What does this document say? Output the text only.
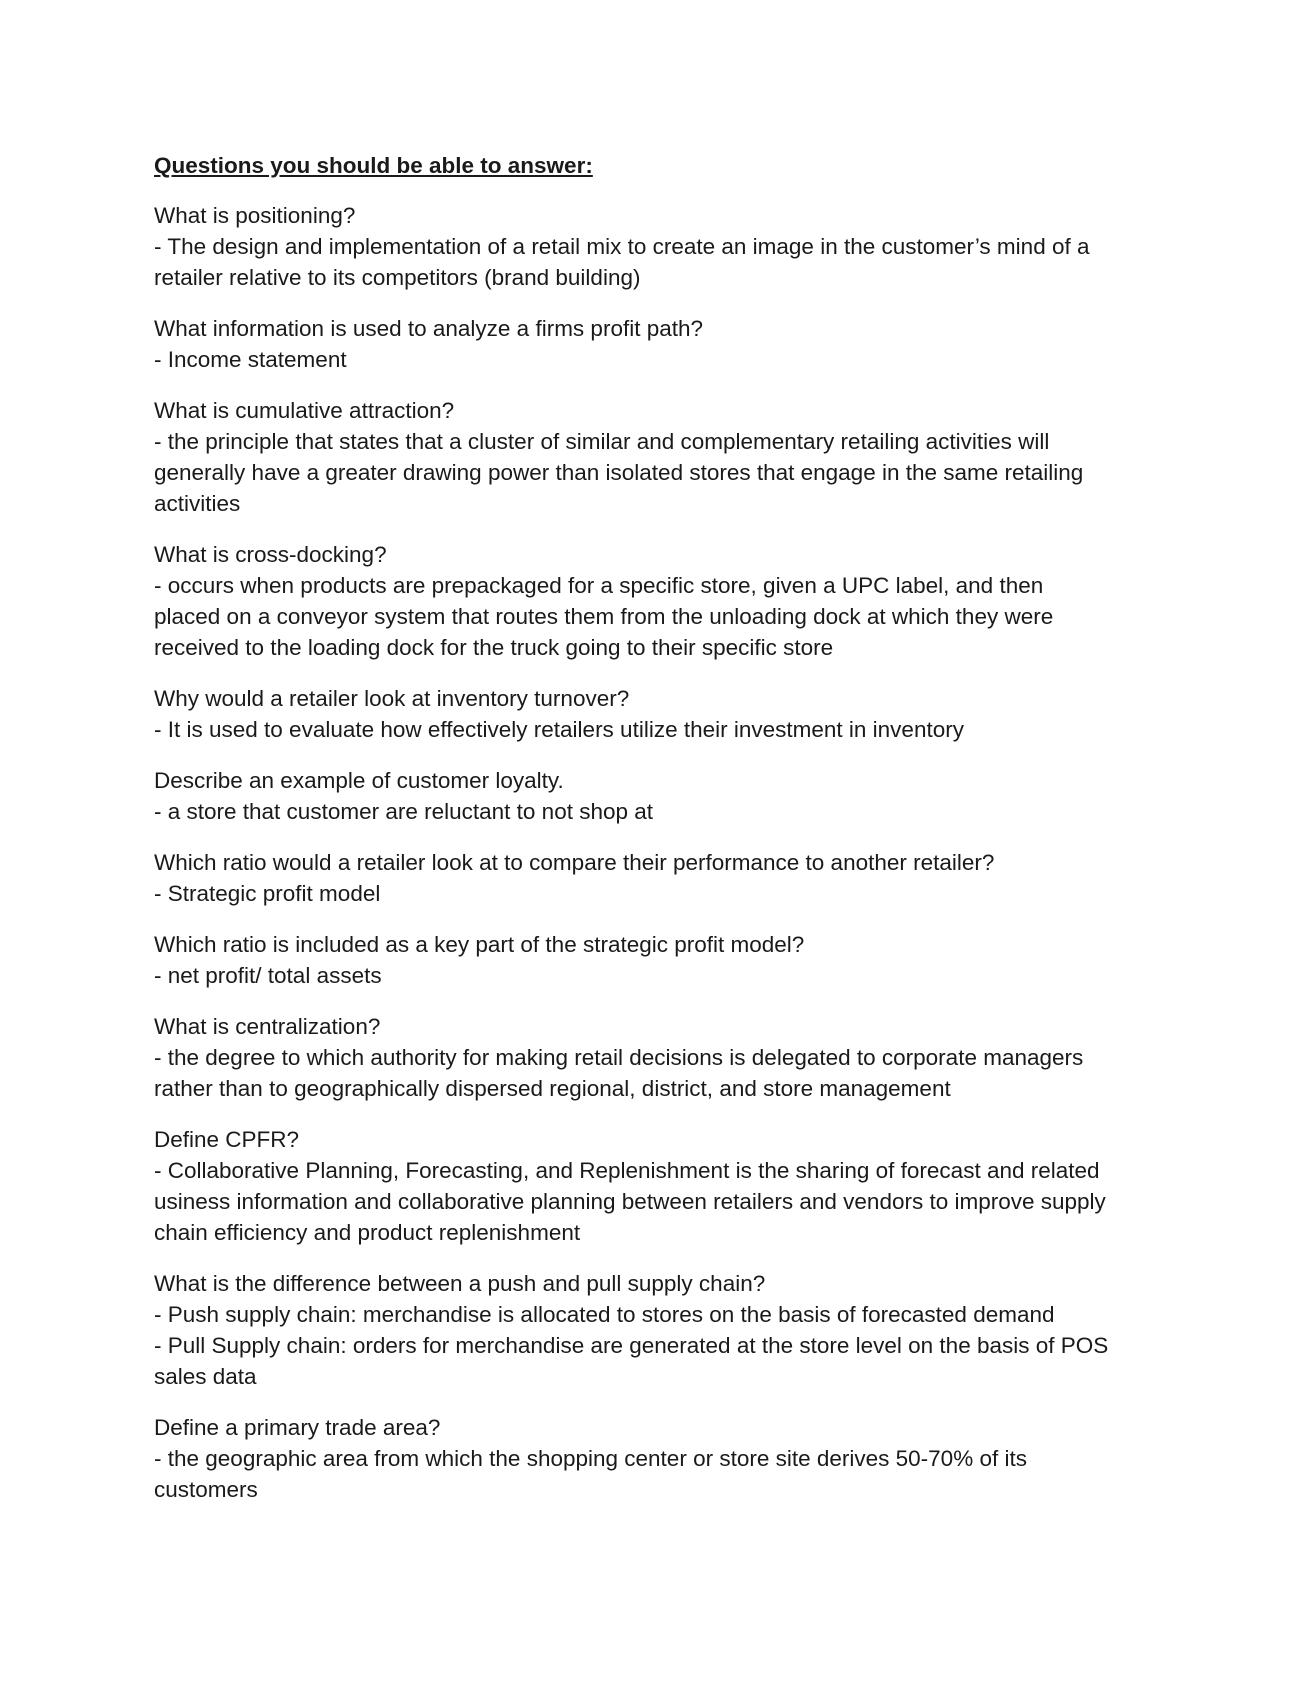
Questions you should be able to answer:
What is positioning?
- The design and implementation of a retail mix to create an image in the customer’s mind of a
retailer relative to its competitors (brand building)
What information is used to analyze a firms profit path?
- Income statement
What is cumulative attraction?
- the principle that states that a cluster of similar and complementary retailing activities will
generally have a greater drawing power than isolated stores that engage in the same retailing
activities
What is cross-docking?
- occurs when products are prepackaged for a specific store, given a UPC label, and then
placed on a conveyor system that routes them from the unloading dock at which they were
received to the loading dock for the truck going to their specific store
Why would a retailer look at inventory turnover?
- It is used to evaluate how effectively retailers utilize their investment in inventory
Describe an example of customer loyalty.
- a store that customer are reluctant to not shop at
Which ratio would a retailer look at to compare their performance to another retailer?
- Strategic profit model
Which ratio is included as a key part of the strategic profit model?
- net profit/ total assets
What is centralization?
- the degree to which authority for making retail decisions is delegated to corporate managers
rather than to geographically dispersed regional, district, and store management
Define CPFR?
- Collaborative Planning, Forecasting, and Replenishment is the sharing of forecast and related
usiness information and collaborative planning between retailers and vendors to improve supply
chain efficiency and product replenishment
What is the difference between a push and pull supply chain?
- Push supply chain: merchandise is allocated to stores on the basis of forecasted demand
- Pull Supply chain: orders for merchandise are generated at the store level on the basis of POS
sales data
Define a primary trade area?
- the geographic area from which the shopping center or store site derives 50-70% of its
customers
